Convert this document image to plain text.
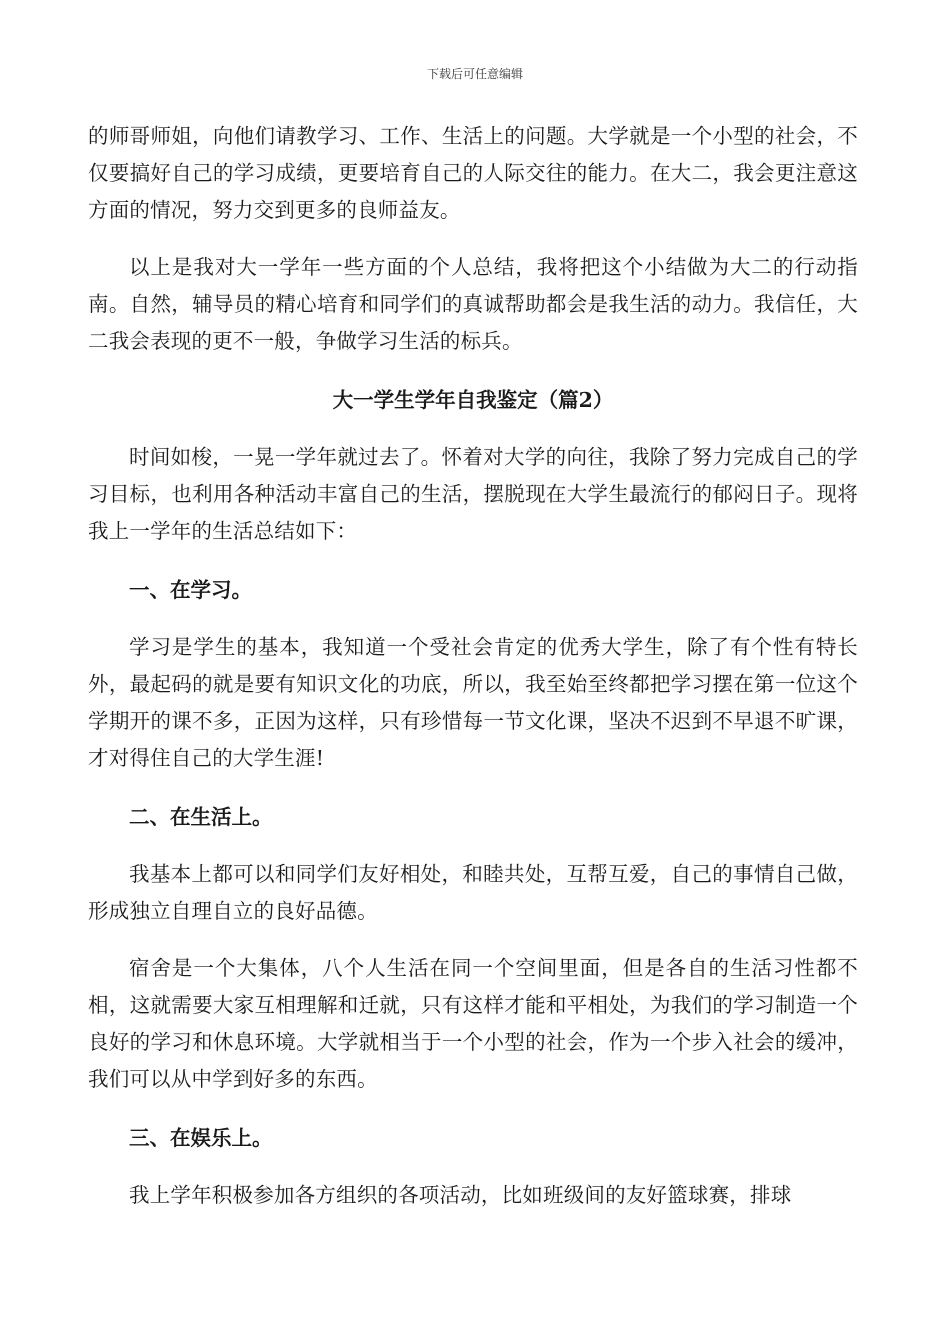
下载后可任意编辑

的师哥师姐，向他们请教学习、工作、生活上的问题。大学就是一个小型的社会，不仅要搞好自己的学习成绩，更要培育自己的人际交往的能力。在大二，我会更注意这方面的情况，努力交到更多的良师益友。

以上是我对大一学年一些方面的个人总结，我将把这个小结做为大二的行动指南。自然，辅导员的精心培育和同学们的真诚帮助都会是我生活的动力。我信任，大二我会表现的更不一般，争做学习生活的标兵。

大一学生学年自我鉴定（篇2）

时间如梭，一晃一学年就过去了。怀着对大学的向往，我除了努力完成自己的学习目标，也利用各种活动丰富自己的生活，摆脱现在大学生最流行的郁闷日子。现将我上一学年的生活总结如下：

一、在学习。

学习是学生的基本，我知道一个受社会肯定的优秀大学生，除了有个性有特长外，最起码的就是要有知识文化的功底，所以，我至始至终都把学习摆在第一位这个学期开的课不多，正因为这样，只有珍惜每一节文化课，坚决不迟到不早退不旷课，才对得住自己的大学生涯!

二、在生活上。

我基本上都可以和同学们友好相处，和睦共处，互帮互爱，自己的事情自己做，形成独立自理自立的良好品德。

宿舍是一个大集体，八个人生活在同一个空间里面，但是各自的生活习性都不相，这就需要大家互相理解和迁就，只有这样才能和平相处，为我们的学习制造一个良好的学习和休息环境。大学就相当于一个小型的社会，作为一个步入社会的缓冲，我们可以从中学到好多的东西。

三、在娱乐上。

我上学年积极参加各方组织的各项活动，比如班级间的友好篮球赛，排球
